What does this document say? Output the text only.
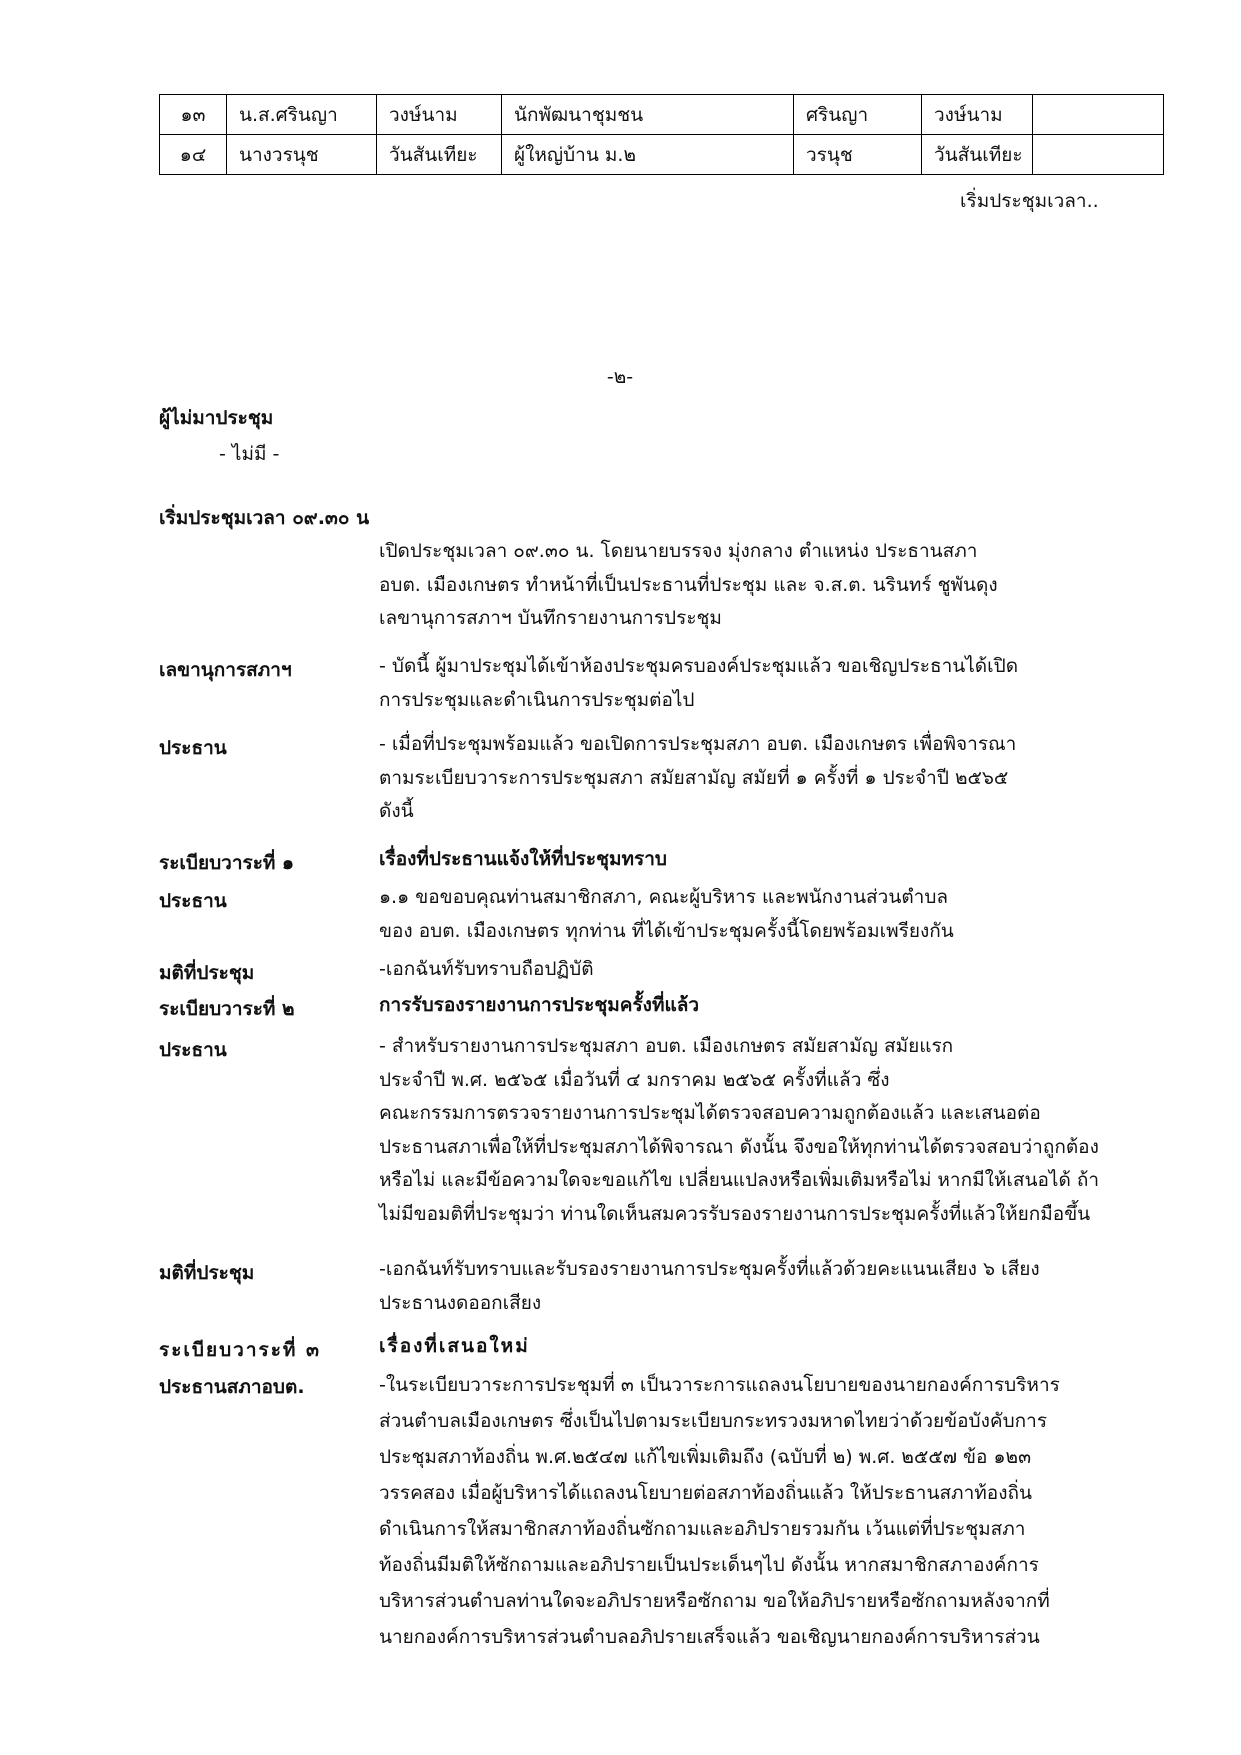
๑๓	น.ส.ศรินญา	วงษ์นาม	นักพัฒนาชุมชน	ศรินญา	วงษ์นาม	
๑๔	นางวรนุช	วันสันเทียะ	ผู้ใหญ่บ้าน ม.๒	วรนุช	วันสันเทียะ	
เริ่มประชุมเวลา..
-๒-
ผู้ไม่มาประชุม
- ไม่มี -
เริ่มประชุมเวลา ๐๙.๓๐ น
เปิดประชุมเวลา ๐๙.๓๐ น. โดยนายบรรจง มุ่งกลาง ตำแหน่ง ประธานสภา
อบต. เมืองเกษตร ทำหน้าที่เป็นประธานที่ประชุม และ จ.ส.ต. นรินทร์ ชูพันดุง
เลขานุการสภาฯ บันทึกรายงานการประชุม
เลขานุการสภาฯ	- บัดนี้ ผู้มาประชุมได้เข้าห้องประชุมครบองค์ประชุมแล้ว ขอเชิญประธานได้เปิด
การประชุมและดำเนินการประชุมต่อไป
ประธาน	- เมื่อที่ประชุมพร้อมแล้ว ขอเปิดการประชุมสภา อบต. เมืองเกษตร เพื่อพิจารณา
ตามระเบียบวาระการประชุมสภา สมัยสามัญ สมัยที่ ๑ ครั้งที่ ๑ ประจำปี ๒๕๖๕
ดังนี้
ระเบียบวาระที่ ๑	เรื่องที่ประธานแจ้งให้ที่ประชุมทราบ
ประธาน	๑.๑ ขอขอบคุณท่านสมาชิกสภา, คณะผู้บริหาร และพนักงานส่วนตำบล
ของ อบต. เมืองเกษตร ทุกท่าน ที่ได้เข้าประชุมครั้งนี้โดยพร้อมเพรียงกัน
มติที่ประชุม	-เอกฉันท์รับทราบถือปฏิบัติ
ระเบียบวาระที่ ๒	การรับรองรายงานการประชุมครั้งที่แล้ว
ประธาน	- สำหรับรายงานการประชุมสภา อบต. เมืองเกษตร สมัยสามัญ สมัยแรก
ประจำปี พ.ศ. ๒๕๖๕ เมื่อวันที่ ๔ มกราคม ๒๕๖๕ ครั้งที่แล้ว ซึ่ง
คณะกรรมการตรวจรายงานการประชุมได้ตรวจสอบความถูกต้องแล้ว และเสนอต่อ
ประธานสภาเพื่อให้ที่ประชุมสภาได้พิจารณา ดังนั้น จึงขอให้ทุกท่านได้ตรวจสอบว่าถูกต้อง
หรือไม่ และมีข้อความใดจะขอแก้ไข เปลี่ยนแปลงหรือเพิ่มเติมหรือไม่ หากมีให้เสนอได้ ถ้า
ไม่มีขอมติที่ประชุมว่า ท่านใดเห็นสมควรรับรองรายงานการประชุมครั้งที่แล้วให้ยกมือขึ้น
มติที่ประชุม	-เอกฉันท์รับทราบและรับรองรายงานการประชุมครั้งที่แล้วด้วยคะแนนเสียง ๖ เสียง
ประธานงดออกเสียง
ระเบียบวาระที่ ๓	เรื่องที่เสนอใหม่
ประธานสภาอบต.	-ในระเบียบวาระการประชุมที่ ๓ เป็นวาระการแถลงนโยบายของนายกองค์การบริหาร
ส่วนตำบลเมืองเกษตร ซึ่งเป็นไปตามระเบียบกระทรวงมหาดไทยว่าด้วยข้อบังคับการ
ประชุมสภาท้องถิ่น พ.ศ.๒๕๔๗ แก้ไขเพิ่มเติมถึง (ฉบับที่ ๒) พ.ศ. ๒๕๕๗ ข้อ ๑๒๓
วรรคสอง เมื่อผู้บริหารได้แถลงนโยบายต่อสภาท้องถิ่นแล้ว ให้ประธานสภาท้องถิ่น
ดำเนินการให้สมาชิกสภาท้องถิ่นซักถามและอภิปรายรวมกัน เว้นแต่ที่ประชุมสภา
ท้องถิ่นมีมติให้ซักถามและอภิปรายเป็นประเด็นๆไป ดังนั้น หากสมาชิกสภาองค์การ
บริหารส่วนตำบลท่านใดจะอภิปรายหรือซักถาม ขอให้อภิปรายหรือซักถามหลังจากที่
นายกองค์การบริหารส่วนตำบลอภิปรายเสร็จแล้ว ขอเชิญนายกองค์การบริหารส่วน
